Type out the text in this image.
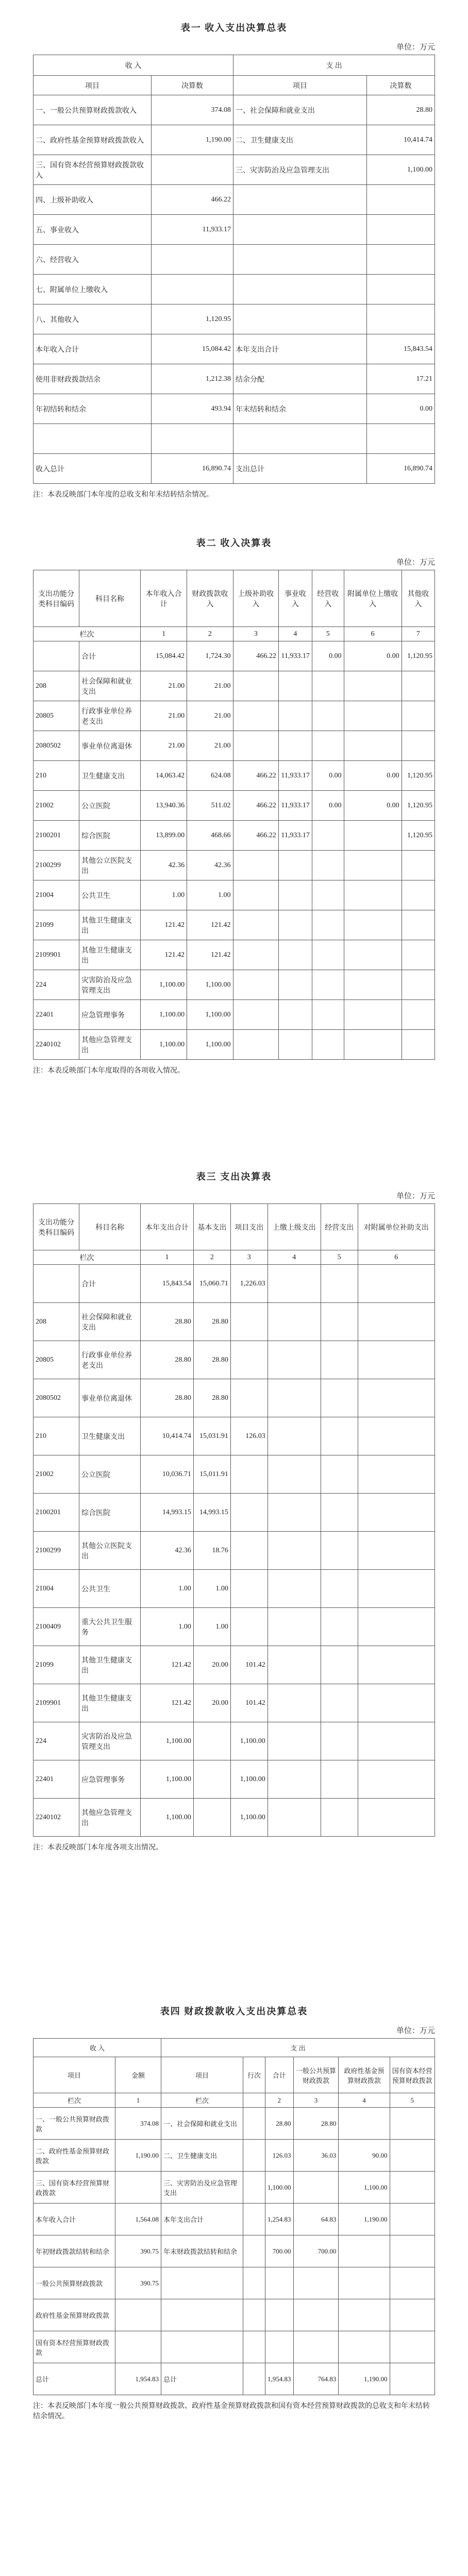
表一 收入支出决算总表
单位：万元
收 入		支 出	
项目	决算数	项目	决算数
一、一般公共预算财政拨款收入	374.08	一、社会保障和就业支出	28.80
二、政府性基金预算财政拨款收入	1,190.00	二、卫生健康支出	10,414.74
三、国有资本经营预算财政拨款收入		三、灾害防治及应急管理支出	1,100.00
四、上级补助收入	466.22		
五、事业收入	11,933.17		
六、经营收入			
七、附属单位上缴收入			
八、其他收入	1,120.95		
本年收入合计	15,084.42	本年支出合计	15,843.54
使用非财政拨款结余	1,212.38	结余分配	17.21
年初结转和结余	493.94	年末结转和结余	0.00

收入总计	16,890.74	支出总计	16,890.74
注：本表反映部门本年度的总收支和年末结转结余情况。
表二 收入决算表
单位：万元
支出功能分类科目编码	科目名称	本年收入合计	财政拨款收入	上级补助收入	事业收入	经营收入	附属单位上缴收入	其他收入
栏次		1	2	3	4	5	6	7
	合计	15,084.42	1,724.30	466.22	11,933.17	0.00	0.00	1,120.95
208	社会保障和就业支出	21.00	21.00					
20805	行政事业单位养老支出	21.00	21.00					
2080502	事业单位离退休	21.00	21.00					
210	卫生健康支出	14,063.42	624.08	466.22	11,933.17	0.00	0.00	1,120.95
21002	公立医院	13,940.36	511.02	466.22	11,933.17	0.00	0.00	1,120.95
2100201	综合医院	13,899.00	468.66	466.22	11,933.17			1,120.95
2100299	其他公立医院支出	42.36	42.36					
21004	公共卫生	1.00	1.00					
21099	其他卫生健康支出	121.42	121.42					
2109901	其他卫生健康支出	121.42	121.42					
224	灾害防治及应急管理支出	1,100.00	1,100.00					
22401	应急管理事务	1,100.00	1,100.00					
2240102	其他应急管理支出	1,100.00	1,100.00					
注：本表反映部门本年度取得的各项收入情况。
表三 支出决算表
单位：万元
支出功能分类科目编码	科目名称	本年支出合计	基本支出	项目支出	上缴上级支出	经营支出	对附属单位补助支出
栏次		1	2	3	4	5	6
	合计	15,843.54	15,060.71	1,226.03			
208	社会保障和就业支出	28.80	28.80				
20805	行政事业单位养老支出	28.80	28.80				
2080502	事业单位离退休	28.80	28.80				
210	卫生健康支出	10,414.74	15,031.91	126.03			
21002	公立医院	10,036.71	15,011.91				
2100201	综合医院	14,993.15	14,993.15				
2100299	其他公立医院支出	42.36	18.76				
21004	公共卫生	1.00	1.00				
2100409	重大公共卫生服务	1.00	1.00				
21099	其他卫生健康支出	121.42	20.00	101.42			
2109901	其他卫生健康支出	121.42	20.00	101.42			
224	灾害防治及应急管理支出	1,100.00		1,100.00			
22401	应急管理事务	1,100.00		1,100.00			
2240102	其他应急管理支出	1,100.00		1,100.00			
注：本表反映部门本年度各项支出情况。
表四 财政拨款收入支出决算总表
单位：万元
收 入		支 出					
项目	金额	项目	行次	合计	一般公共预算财政拨款	政府性基金预算财政拨款	国有资本经营预算财政拨款
栏次	1	栏次		2	3	4	5
一、一般公共预算财政拨款	374.08	一、社会保障和就业支出		28.80	28.80		
二、政府性基金预算财政拨款	1,190.00	二、卫生健康支出		126.03	36.03	90.00	
三、国有资本经营预算财政拨款		三、灾害防治及应急管理支出		1,100.00		1,100.00	
本年收入合计	1,564.08	本年支出合计		1,254.83	64.83	1,190.00	
年初财政拨款结转和结余	390.75	年末财政拨款结转和结余		700.00	700.00		
一般公共预算财政拨款	390.75						
政府性基金预算财政拨款							
国有资本经营预算财政拨款							
总计	1,954.83	总计		1,954.83	764.83	1,190.00	
注：本表反映部门本年度一般公共预算财政拨款、政府性基金预算财政拨款和国有资本经营预算财政拨款的总收支和年末结转结余情况。
